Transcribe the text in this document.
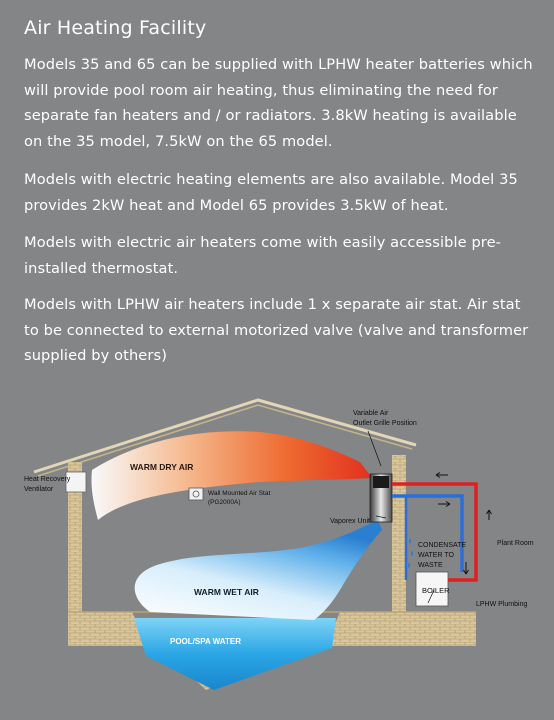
Air Heating Facility

Models 35 and 65 can be supplied with LPHW heater batteries which will provide pool room air heating, thus eliminating the need for separate fan heaters and / or radiators. 3.8kW heating is available on the 35 model, 7.5kW on the 65 model.

Models with electric heating elements are also available. Model 35 provides 2kW heat and Model 65 provides 3.5kW of heat.

Models with electric air heaters come with easily accessible pre-installed thermostat.

Models with LPHW air heaters include 1 x separate air stat. Air stat to be connected to external motorized valve (valve and transformer supplied by others)

Variable Air
Outlet Grille Position
Heat Recovery
Ventilator
Wall Mounted Air Stat
(PG2000A)
Vaporex Unit
CONDENSATE
WATER TO
WASTE
Plant Room
BOILER
LPHW Plumbing
WARM DRY AIR
WARM WET AIR
POOL/SPA WATER
